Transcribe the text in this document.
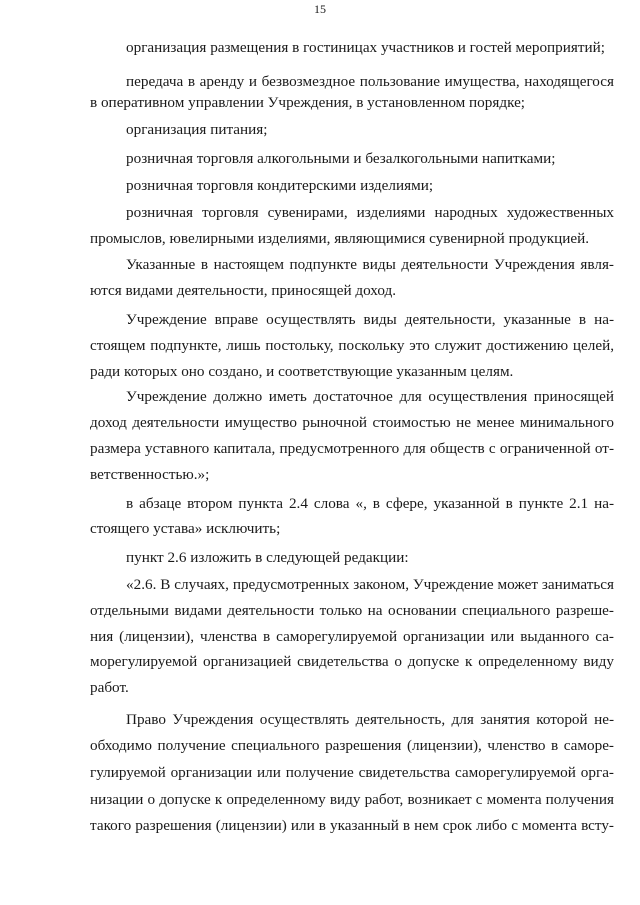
15
организация размещения в гостиницах участников и гостей мероприятий;
передача в аренду и безвозмездное пользование имущества, находящегося
в оперативном управлении Учреждения, в установленном порядке;
организация питания;
розничная торговля алкогольными и безалкогольными напитками;
розничная торговля кондитерскими изделиями;
розничная торговля сувенирами, изделиями народных художественных
промыслов, ювелирными изделиями, являющимися сувенирной продукцией.
Указанные в настоящем подпункте виды деятельности Учреждения явля-
ются видами деятельности, приносящей доход.
Учреждение вправе осуществлять виды деятельности, указанные в на-
стоящем подпункте, лишь постольку, поскольку это служит достижению целей,
ради которых оно создано, и соответствующие указанным целям.
Учреждение должно иметь достаточное для осуществления приносящей
доход деятельности имущество рыночной стоимостью не менее минимального
размера уставного капитала, предусмотренного для обществ с ограниченной от-
ветственностью.»;
в абзаце втором пункта 2.4 слова «, в сфере, указанной в пункте 2.1 на-
стоящего устава» исключить;
пункт 2.6 изложить в следующей редакции:
«2.6. В случаях, предусмотренных законом, Учреждение может заниматься
отдельными видами деятельности только на основании специального разреше-
ния (лицензии), членства в саморегулируемой организации или выданного са-
морегулируемой организацией свидетельства о допуске к определенному виду
работ.
Право Учреждения осуществлять деятельность, для занятия которой не-
обходимо получение специального разрешения (лицензии), членство в саморе-
гулируемой организации или получение свидетельства саморегулируемой орга-
низации о допуске к определенному виду работ, возникает с момента получения
такого разрешения (лицензии) или в указанный в нем срок либо с момента всту-
